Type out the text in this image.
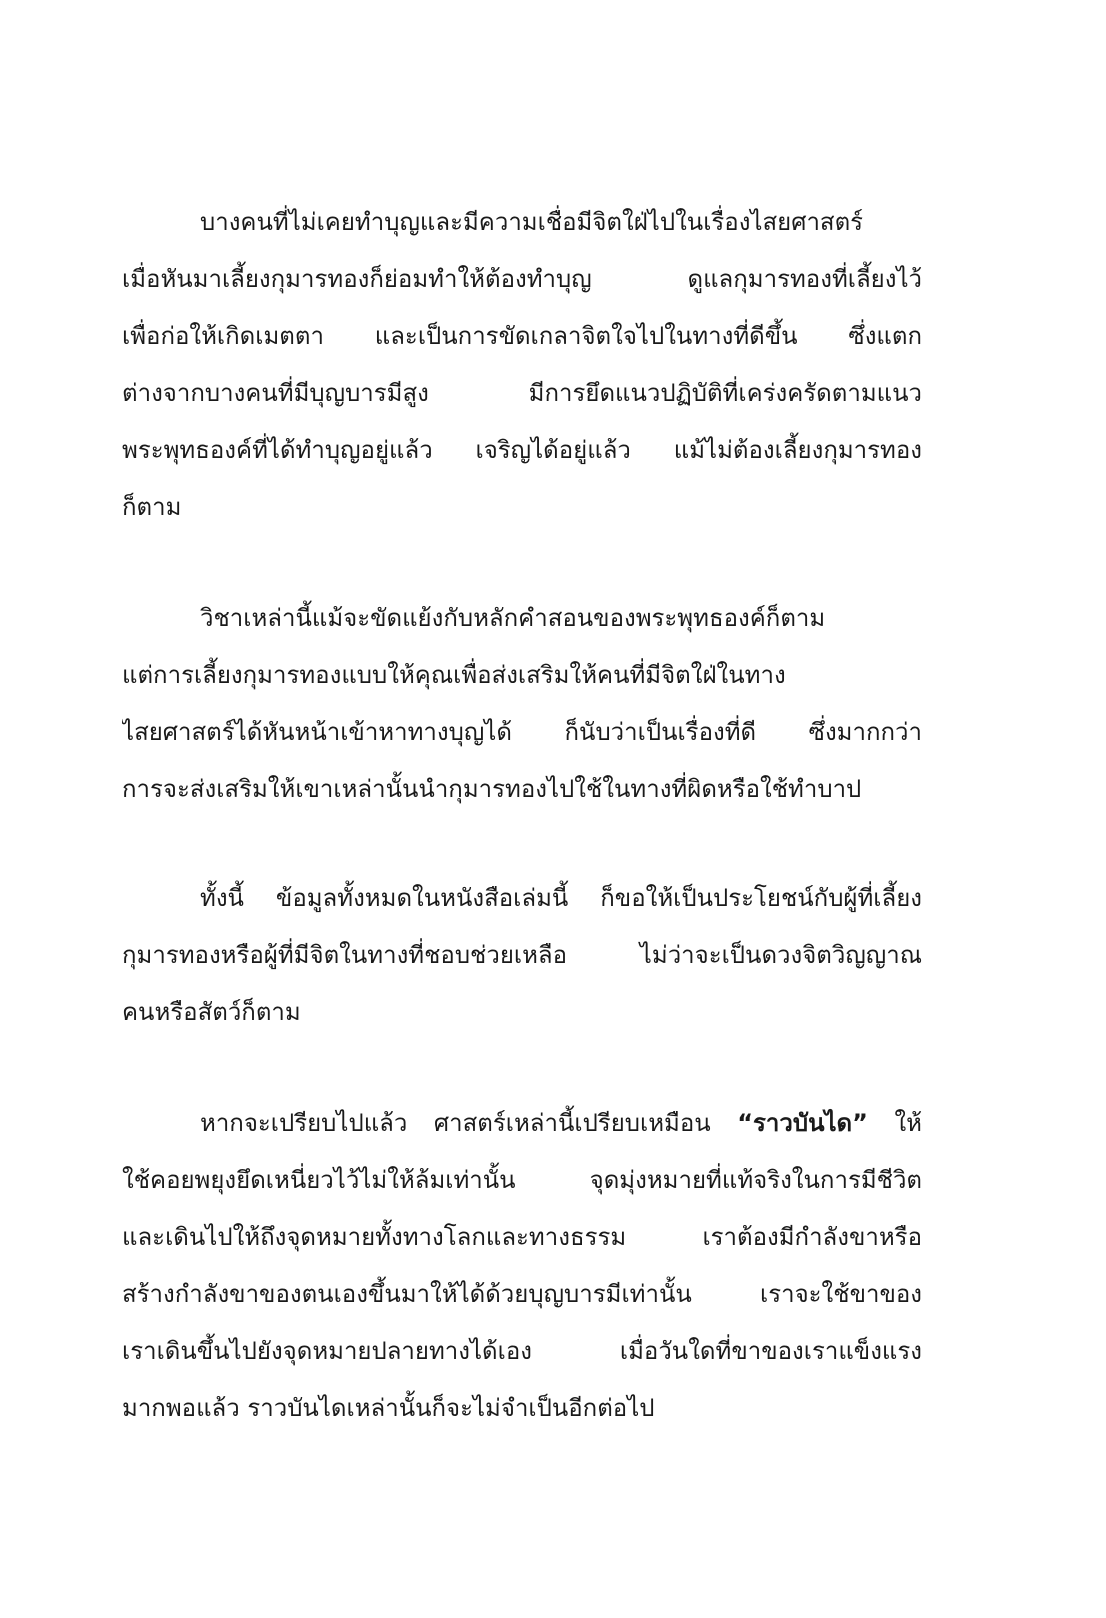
บางคนที่ไม่เคยทำบุญและมีความเชื่อมีจิตใฝ่ไปในเรื่องไสยศาสตร์
เมื่อหันมาเลี้ยงกุมารทองก็ย่อมทำให้ต้องทำบุญ ดูแลกุมารทองที่เลี้ยงไว้
เพื่อก่อให้เกิดเมตตา และเป็นการขัดเกลาจิตใจไปในทางที่ดีขึ้น ซึ่งแตก
ต่างจากบางคนที่มีบุญบารมีสูง มีการยึดแนวปฏิบัติที่เคร่งครัดตามแนว
พระพุทธองค์ที่ได้ทำบุญอยู่แล้ว เจริญได้อยู่แล้ว แม้ไม่ต้องเลี้ยงกุมารทอง
ก็ตาม
วิชาเหล่านี้แม้จะขัดแย้งกับหลักคำสอนของพระพุทธองค์ก็ตาม
แต่การเลี้ยงกุมารทองแบบให้คุณเพื่อส่งเสริมให้คนที่มีจิตใฝ่ในทาง
ไสยศาสตร์ได้หันหน้าเข้าหาทางบุญได้ ก็นับว่าเป็นเรื่องที่ดี ซึ่งมากกว่า
การจะส่งเสริมให้เขาเหล่านั้นนำกุมารทองไปใช้ในทางที่ผิดหรือใช้ทำบาป
ทั้งนี้ ข้อมูลทั้งหมดในหนังสือเล่มนี้ ก็ขอให้เป็นประโยชน์กับผู้ที่เลี้ยง
กุมารทองหรือผู้ที่มีจิตในทางที่ชอบช่วยเหลือ ไม่ว่าจะเป็นดวงจิตวิญญาณ
คนหรือสัตว์ก็ตาม
หากจะเปรียบไปแล้ว ศาสตร์เหล่านี้เปรียบเหมือน “ราวบันได” ให้
ใช้คอยพยุงยึดเหนี่ยวไว้ไม่ให้ล้มเท่านั้น จุดมุ่งหมายที่แท้จริงในการมีชีวิต
และเดินไปให้ถึงจุดหมายทั้งทางโลกและทางธรรม เราต้องมีกำลังขาหรือ
สร้างกำลังขาของตนเองขึ้นมาให้ได้ด้วยบุญบารมีเท่านั้น เราจะใช้ขาของ
เราเดินขึ้นไปยังจุดหมายปลายทางได้เอง เมื่อวันใดที่ขาของเราแข็งแรง
มากพอแล้ว ราวบันไดเหล่านั้นก็จะไม่จำเป็นอีกต่อไป
